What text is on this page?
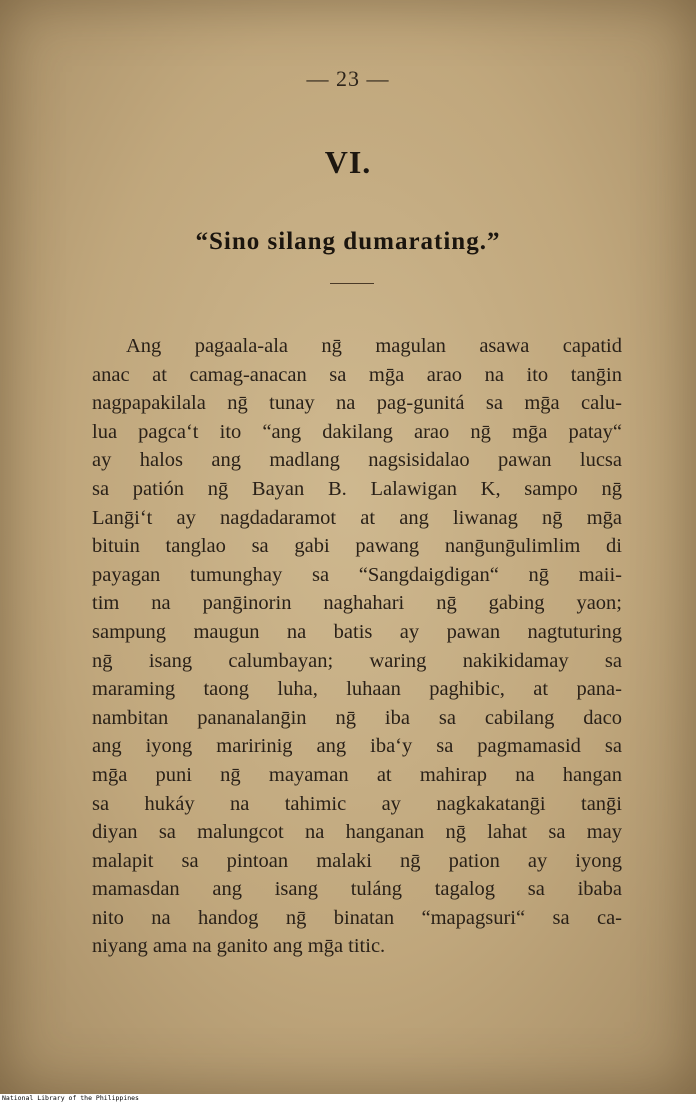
— 23 —
VI.
“Sino silang dumarating.”
Ang pagaala-ala nḡ magulan asawa capatid
anac at camag-anacan sa mḡa arao na ito tanḡin
nagpapakilala nḡ tunay na pag-gunitá sa mḡa calu-
lua pagca‘t ito “ang dakilang arao nḡ mḡa patay“
ay halos ang madlang nagsisidalao pawan lucsa
sa patión nḡ Bayan B. Lalawigan K, sampo nḡ
Lanḡi‘t ay nagdadaramot at ang liwanag nḡ mḡa
bituin tanglao sa gabi pawang nanḡunḡulimlim di
payagan tumunghay sa “Sangdaigdigan“ nḡ maii-
tim na panḡinorin naghahari nḡ gabing yaon;
sampung maugun na batis ay pawan nagtuturing
nḡ isang calumbayan; waring nakikidamay sa
maraming taong luha, luhaan paghibic, at pana-
nambitan pananalanḡin nḡ iba sa cabilang daco
ang iyong maririnig ang iba‘y sa pagmamasid sa
mḡa puni nḡ mayaman at mahirap na hangan
sa hukáy na tahimic ay nagkakatanḡi tanḡi
diyan sa malungcot na hanganan nḡ lahat sa may
malapit sa pintoan malaki nḡ pation ay iyong
mamasdan ang isang tuláng tagalog sa ibaba
nito na handog nḡ binatan “mapagsuri“ sa ca-
niyang ama na ganito ang mḡa titic.
National Library of the Philippines
